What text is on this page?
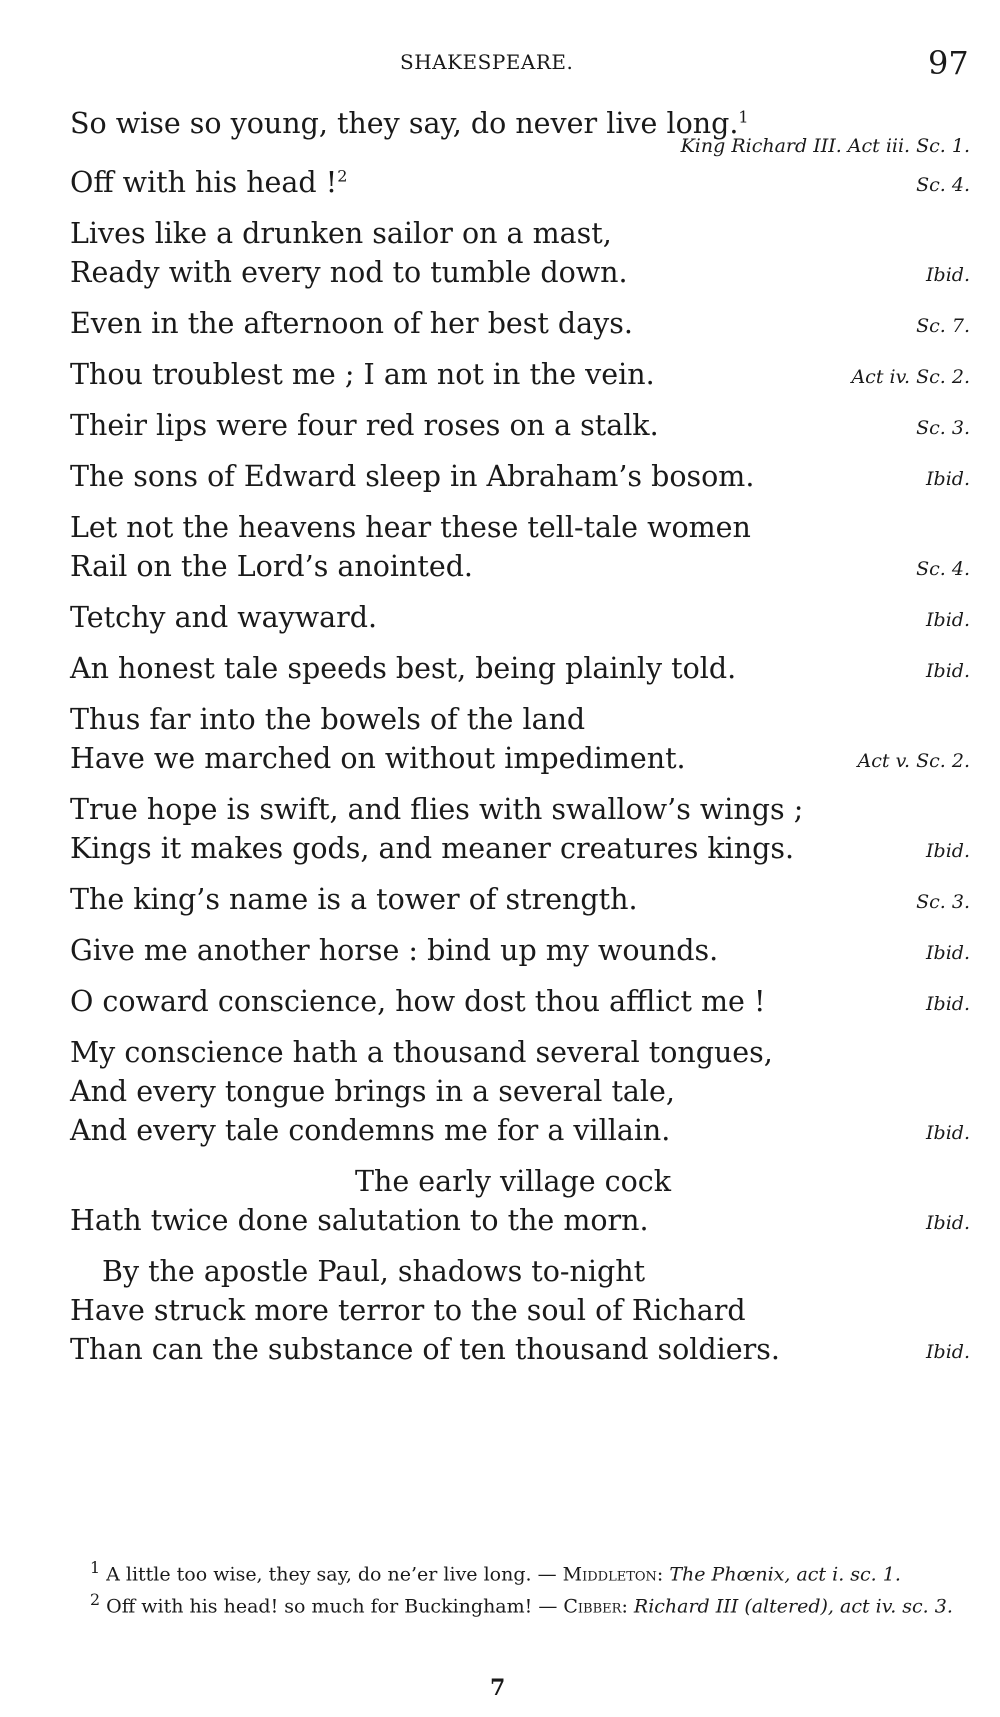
SHAKESPEARE.	97
So wise so young, they say, do never live long.$^1$
King Richard III. Act iii. Sc. 1.
Off with his head !$^2$	Sc. 4.
Lives like a drunken sailor on a mast,
Ready with every nod to tumble down.	Ibid.
Even in the afternoon of her best days.	Sc. 7.
Thou troublest me ; I am not in the vein.	Act iv. Sc. 2.
Their lips were four red roses on a stalk.	Sc. 3.
The sons of Edward sleep in Abraham’s bosom.	Ibid.
Let not the heavens hear these tell-tale women
Rail on the Lord’s anointed.	Sc. 4.
Tetchy and wayward.	Ibid.
An honest tale speeds best, being plainly told.	Ibid.
Thus far into the bowels of the land
Have we marched on without impediment.	Act v. Sc. 2.
True hope is swift, and flies with swallow’s wings ;
Kings it makes gods, and meaner creatures kings.	Ibid.
The king’s name is a tower of strength.	Sc. 3.
Give me another horse : bind up my wounds.	Ibid.
O coward conscience, how dost thou afflict me !	Ibid.
My conscience hath a thousand several tongues,
And every tongue brings in a several tale,
And every tale condemns me for a villain.	Ibid.
The early village cock
Hath twice done salutation to the morn.	Ibid.
By the apostle Paul, shadows to-night
Have struck more terror to the soul of Richard
Than can the substance of ten thousand soldiers.	Ibid.
$^1$ A little too wise, they say, do ne’er live long. — Middleton: The Phœnix, act i. sc. 1.
$^2$ Off with his head! so much for Buckingham! — Cibber: Richard III (altered), act iv. sc. 3.
7
